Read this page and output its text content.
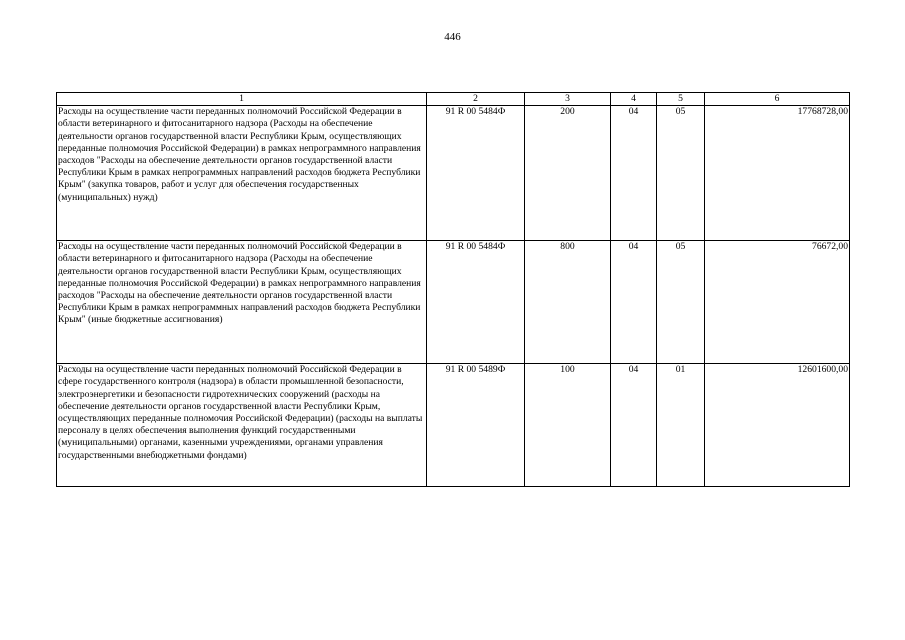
446
1	2	3	4	5	6
Расходы на осуществление части переданных полномочий Российской Федерации в области ветеринарного и фитосанитарного надзора (Расходы на обеспечение деятельности органов государственной власти Республики Крым, осуществляющих переданные полномочия Российской Федерации) в рамках непрограммного направления расходов "Расходы на обеспечение деятельности органов государственной власти Республики Крым в рамках непрограммных направлений расходов бюджета Республики Крым" (закупка товаров, работ и услуг для обеспечения государственных (муниципальных) нужд)	91 R 00 5484Ф	200	04	05	17768728,00
Расходы на осуществление части переданных полномочий Российской Федерации в области ветеринарного и фитосанитарного надзора (Расходы на обеспечение деятельности органов государственной власти Республики Крым, осуществляющих переданные полномочия Российской Федерации) в рамках непрограммного направления расходов "Расходы на обеспечение деятельности органов государственной власти Республики Крым в рамках непрограммных направлений расходов бюджета Республики Крым" (иные бюджетные ассигнования)	91 R 00 5484Ф	800	04	05	76672,00
Расходы на осуществление части переданных полномочий Российской Федерации в сфере государственного контроля (надзора) в области промышленной безопасности, электроэнергетики и безопасности гидротехнических сооружений (расходы на обеспечение деятельности органов государственной власти Республики Крым, осуществляющих переданные полномочия Российской Федерации) (расходы на выплаты персоналу в целях обеспечения выполнения функций государственными (муниципальными) органами, казенными учреждениями, органами управления государственными внебюджетными фондами)	91 R 00 5489Ф	100	04	01	12601600,00
